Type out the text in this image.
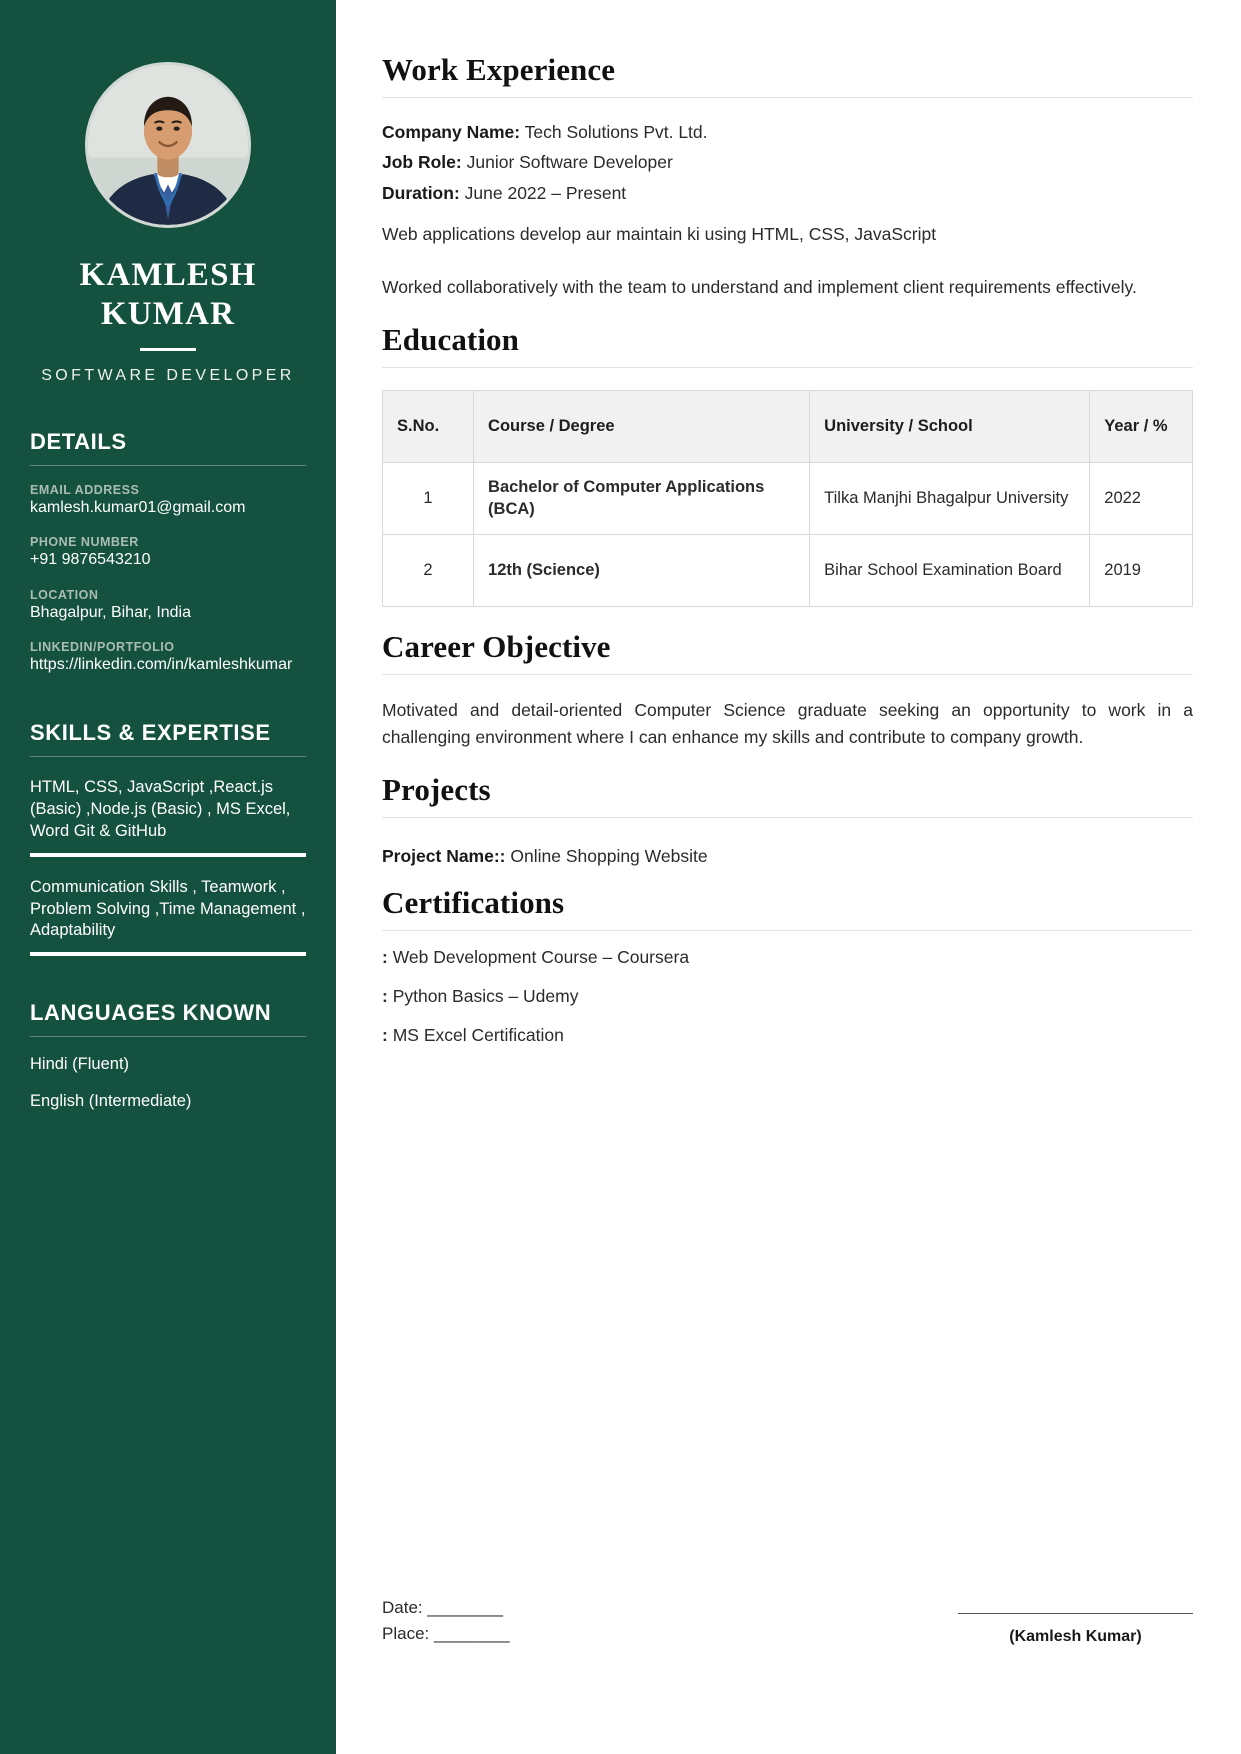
KAMLESH
KUMAR
SOFTWARE DEVELOPER
DETAILS
EMAIL ADDRESS
kamlesh.kumar01@gmail.com
PHONE NUMBER
+91 9876543210
LOCATION
Bhagalpur, Bihar, India
LINKEDIN/PORTFOLIO
https://linkedin.com/in/kamleshkumar
SKILLS & EXPERTISE
HTML, CSS, JavaScript ,React.js (Basic) ,Node.js (Basic) , MS Excel, Word Git & GitHub
Communication Skills , Teamwork , Problem Solving ,Time Management , Adaptability
LANGUAGES KNOWN
Hindi (Fluent)
English (Intermediate)
Work Experience
Company Name: Tech Solutions Pvt. Ltd.
Job Role: Junior Software Developer
Duration: June 2022 – Present
Web applications develop aur maintain ki using HTML, CSS, JavaScript
Worked collaboratively with the team to understand and implement client requirements effectively.
Education
S.No.	Course / Degree	University / School	Year / %
1	Bachelor of Computer Applications (BCA)	Tilka Manjhi Bhagalpur University	2022
2	12th (Science)	Bihar School Examination Board	2019
Career Objective
Motivated and detail-oriented Computer Science graduate seeking an opportunity to work in a challenging environment where I can enhance my skills and contribute to company growth.
Projects
Project Name:: Online Shopping Website
Certifications
: Web Development Course – Coursera
: Python Basics – Udemy
: MS Excel Certification
Date: ________
Place: ________	(Kamlesh Kumar)
